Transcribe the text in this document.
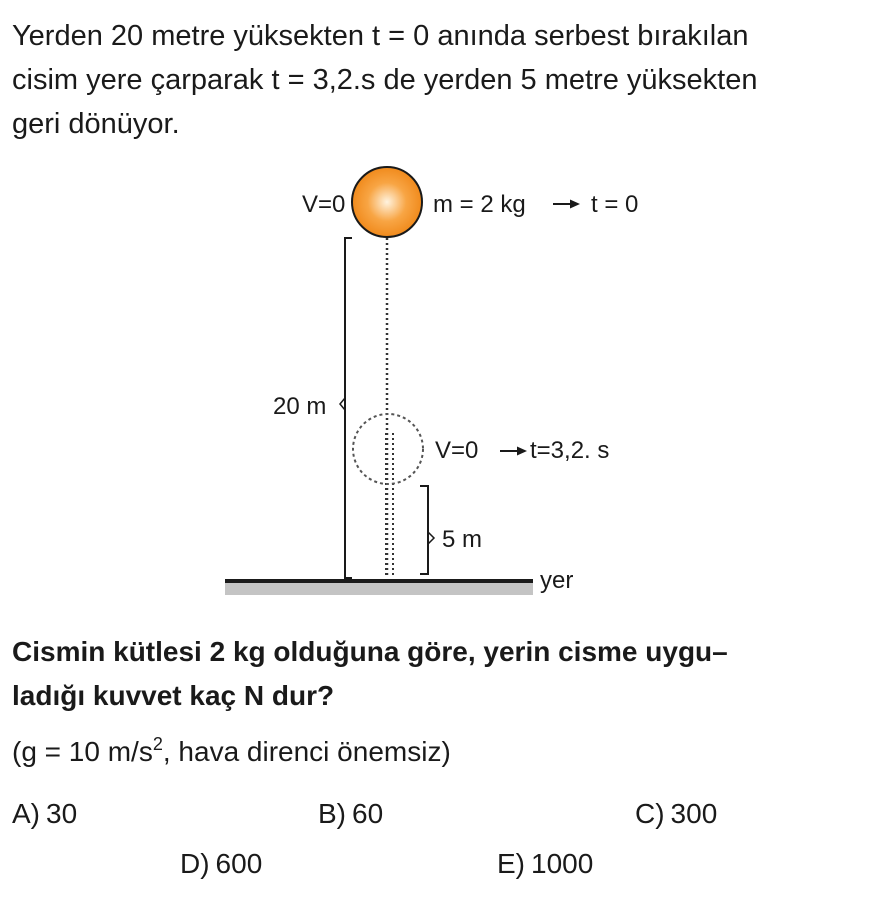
Yerden 20 metre yüksekten t = 0 anında serbest bırakılan
cisim yere çarparak t = 3,2.s de yerden 5 metre yüksekten
geri dönüyor.

yer
V=0	m = 2 kg	t = 0
20 m
V=0 t=3,2. s
5 m

Cismin kütlesi 2 kg olduğuna göre, yerin cisme uygu–
ladığı kuvvet kaç N dur?

(g = 10 $m/s^2$, hava direnci önemsiz)
A) 30	B) 60	C) 300
D) 600	E) 1000
